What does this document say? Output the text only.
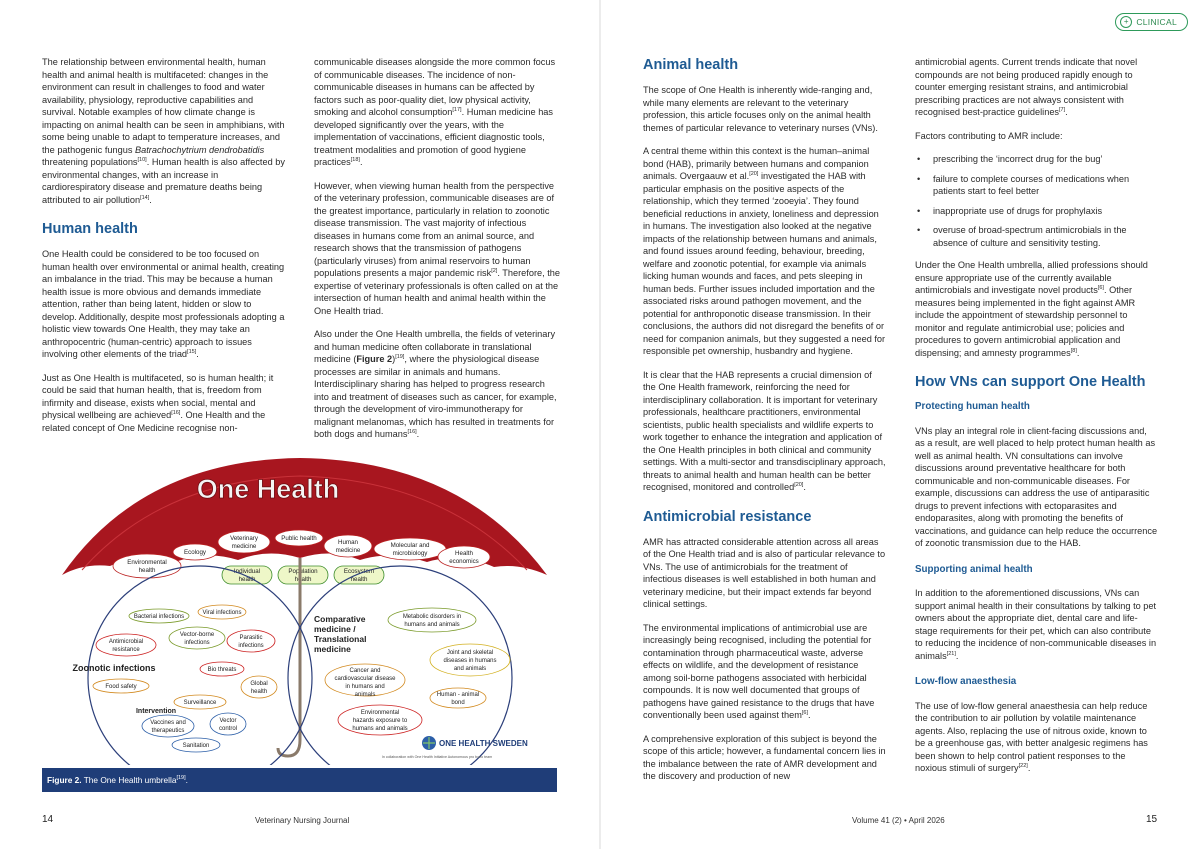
+ CLINICAL

The relationship between environmental health, human health and animal health is multifaceted: changes in the environment can result in challenges to food and water availability, physiology, reproductive capabilities and survival. Notable examples of how climate change is impacting on animal health can be seen in amphibians, with some being unable to adapt to temperature increases, and the pathogenic fungus Batrachochytrium dendrobatidis threatening populations[10]. Human health is also affected by environmental changes, with an increase in cardiorespiratory disease and premature deaths being attributed to air pollution[14].

Human health

One Health could be considered to be too focused on human health over environmental or animal health, creating an imbalance in the triad. This may be because a human health issue is more obvious and demands immediate attention, rather than being latent, hidden or slow to develop. Additionally, despite most professionals adopting a holistic view towards One Health, they may take an anthropocentric (human-centric) approach to issues involving other elements of the triad[15].

Just as One Health is multifaceted, so is human health; it could be said that human health, that is, freedom from infirmity and disease, exists when social, mental and physical wellbeing are achieved[16]. One Health and the related concept of One Medicine recognise non-

communicable diseases alongside the more common focus of communicable diseases. The incidence of non-communicable diseases in humans can be affected by factors such as poor-quality diet, low physical activity, smoking and alcohol consumption[17]. Human medicine has developed significantly over the years, with the implementation of vaccinations, efficient diagnostic tools, treatment modalities and promotion of good hygiene practices[18].

However, when viewing human health from the perspective of the veterinary profession, communicable diseases are of the greatest importance, particularly in relation to zoonotic disease transmission. The vast majority of infectious diseases in humans come from an animal source, and research shows that the transmission of pathogens (particularly viruses) from animal reservoirs to human populations presents a major pandemic risk[2]. Therefore, the expertise of veterinary professionals is often called on at the intersection of human health and animal health within the One Health triad.

Also under the One Health umbrella, the fields of veterinary and human medicine often collaborate in translational medicine (Figure 2)[19], where the physiological disease processes are similar in animals and humans. Interdisciplinary sharing has helped to progress research into and treatment of diseases such as cancer, for example, through the development of viro-immunotherapy for malignant melanomas, which has resulted in treatments for both dogs and humans[16].

One Health
Environmental
health
Ecology
Veterinary
medicine
Public health
Human
medicine
Molecular and
microbiology	Health
economics
Individual
health
Population
health
Ecosystem
health
Bacterial infections
Viral infections
Antimicrobial
resistance
Vector-borne
infections
Parasitic
infections
Zoonotic infections	Bio threats
Food safety	Global
health
Surveillance
Intervention
Vaccines and
therapeutics
Vector
control
Sanitation
Comparative
medicine /
Translational
medicine
Metabolic disorders in
humans and animals
Joint and skeletal
diseases in humans
and animals
Cancer and
cardiovascular disease
in humans and
animals	Human - animal
bond
Environmental
hazards exposure to
humans and animals
ONE HEALTH SWEDEN
In collaboration with One Health Initiative Autonomous pro bono team
Figure 2. The One Health umbrella[19].
Animal health

The scope of One Health is inherently wide-ranging and, while many elements are relevant to the veterinary profession, this article focuses only on the animal health themes of particular relevance to veterinary nurses (VNs).

A central theme within this context is the human–animal bond (HAB), primarily between humans and companion animals. Overgaauw et al.[20] investigated the HAB with particular emphasis on the positive aspects of the relationship, which they termed ‘zooeyia’. They found beneficial reductions in anxiety, loneliness and depression in humans. The investigation also looked at the negative impacts of the relationship between humans and animals, and found issues around feeding, behaviour, breeding, welfare and zoonotic potential, for example via animals licking human wounds and faces, and pets sleeping in human beds. Further issues included importation and the associated risks around pathogen movement, and the potential for anthroponotic disease transmission. In their conclusions, the authors did not disregard the benefits of or need for companion animals, but they suggested a need for responsible pet ownership, husbandry and hygiene.

It is clear that the HAB represents a crucial dimension of the One Health framework, reinforcing the need for interdisciplinary collaboration. It is important for veterinary professionals, healthcare practitioners, environmental scientists, public health specialists and wildlife experts to work together to enhance the integration and application of the One Health principles in both clinical and community settings. With a multi-sector and transdisciplinary approach, threats to animal health and human health can be better recognised, monitored and controlled[20].

Antimicrobial resistance

AMR has attracted considerable attention across all areas of the One Health triad and is also of particular relevance to VNs. The use of antimicrobials for the treatment of infectious diseases is well established in both human and veterinary medicine, but their impact extends far beyond clinical settings.

The environmental implications of antimicrobial use are increasingly being recognised, including the potential for contamination through pharmaceutical waste, adverse effects on wildlife, and the development of resistance among soil-borne pathogens associated with herbicidal compounds. It is now well documented that groups of pathogens have gained resistance to the drugs that have conventionally been used against them[6].

A comprehensive exploration of this subject is beyond the scope of this article; however, a fundamental concern lies in the imbalance between the rate of AMR development and the discovery and production of new

antimicrobial agents. Current trends indicate that novel compounds are not being produced rapidly enough to counter emerging resistant strains, and antimicrobial prescribing practices are not always consistent with recognised best-practice guidelines[7].

Factors contributing to AMR include:

• prescribing the ‘incorrect drug for the bug’
• failure to complete courses of medications when patients start to feel better
• inappropriate use of drugs for prophylaxis
• overuse of broad-spectrum antimicrobials in the absence of culture and sensitivity testing.

Under the One Health umbrella, allied professions should ensure appropriate use of the currently available antimicrobials and investigate novel products[6]. Other measures being implemented in the fight against AMR include the appointment of stewardship personnel to monitor and regulate antimicrobial use; policies and procedures to govern antimicrobial application and dispensing; and amnesty programmes[8].

How VNs can support One Health
Protecting human health

VNs play an integral role in client-facing discussions and, as a result, are well placed to help protect human health as well as animal health. VN consultations can involve discussions around preventative healthcare for both communicable and non-communicable diseases. For example, discussions can address the use of antiparasitic drugs to prevent infections with ectoparasites and endoparasites, along with promoting the benefits of vaccinations, and guidance can help reduce the occurrence of zoonotic transmission due to the HAB.

Supporting animal health

In addition to the aforementioned discussions, VNs can support animal health in their consultations by talking to pet owners about the appropriate diet, dental care and life-stage requirements for their pet, which can also contribute to reducing the incidence of non-communicable diseases in animals[21].

Low-flow anaesthesia

The use of low-flow general anaesthesia can help reduce the contribution to air pollution by volatile maintenance agents. Also, replacing the use of nitrous oxide, known to be a greenhouse gas, with better analgesic regimens has been shown to help control patient responses to the noxious stimuli of surgery[22].

14	Veterinary Nursing Journal	Volume 41 (2) • April 2026	15
